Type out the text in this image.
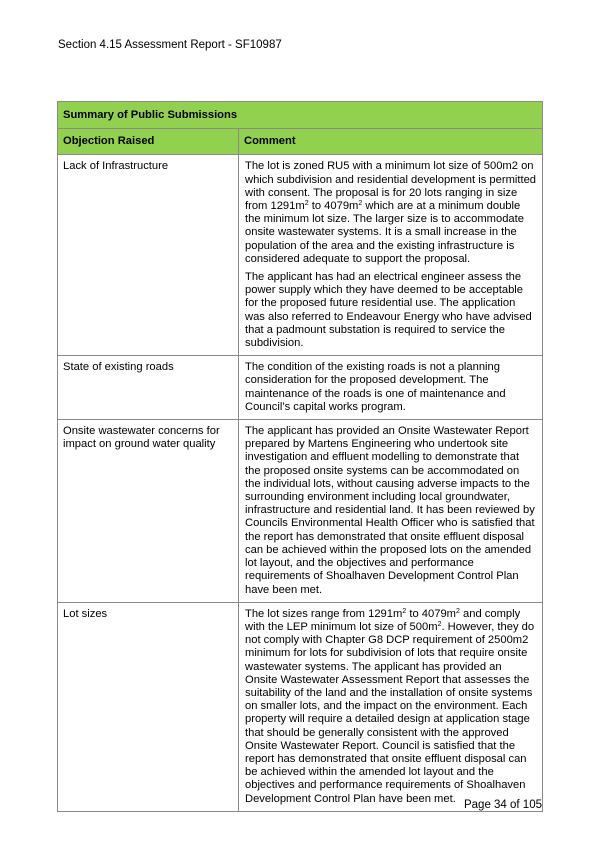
Section 4.15 Assessment Report - SF10987
Summary of Public Submissions	
Objection Raised	Comment
Lack of Infrastructure	The lot is zoned RU5 with a minimum lot size of 500m2 on which subdivision and residential development is permitted with consent. The proposal is for 20 lots ranging in size from $1291m^2$ to $4079m^2$ which are at a minimum double the minimum lot size. The larger size is to accommodate onsite wastewater systems. It is a small increase in the population of the area and the existing infrastructure is considered adequate to support the proposal.

The applicant has had an electrical engineer assess the power supply which they have deemed to be acceptable for the proposed future residential use. The application was also referred to Endeavour Energy who have advised that a padmount substation is required to service the subdivision.

State of existing roads	The condition of the existing roads is not a planning consideration for the proposed development. The maintenance of the roads is one of maintenance and Council’s capital works program.

Onsite wastewater concerns for impact on ground water quality	The applicant has provided an Onsite Wastewater Report prepared by Martens Engineering who undertook site investigation and effluent modelling to demonstrate that the proposed onsite systems can be accommodated on the individual lots, without causing adverse impacts to the surrounding environment including local groundwater, infrastructure and residential land. It has been reviewed by Councils Environmental Health Officer who is satisfied that the report has demonstrated that onsite effluent disposal can be achieved within the proposed lots on the amended lot layout, and the objectives and performance requirements of Shoalhaven Development Control Plan have been met.

Lot sizes	The lot sizes range from $1291m^2$ to $4079m^2$ and comply with the LEP minimum lot size of $500m^2$. However, they do not comply with Chapter G8 DCP requirement of 2500m2 minimum for lots for subdivision of lots that require onsite wastewater systems. The applicant has provided an Onsite Wastewater Assessment Report that assesses the suitability of the land and the installation of onsite systems on smaller lots, and the impact on the environment. Each property will require a detailed design at application stage that should be generally consistent with the approved Onsite Wastewater Report. Council is satisfied that the report has demonstrated that onsite effluent disposal can be achieved within the amended lot layout and the objectives and performance requirements of Shoalhaven Development Control Plan have been met.

Page 34 of 105
